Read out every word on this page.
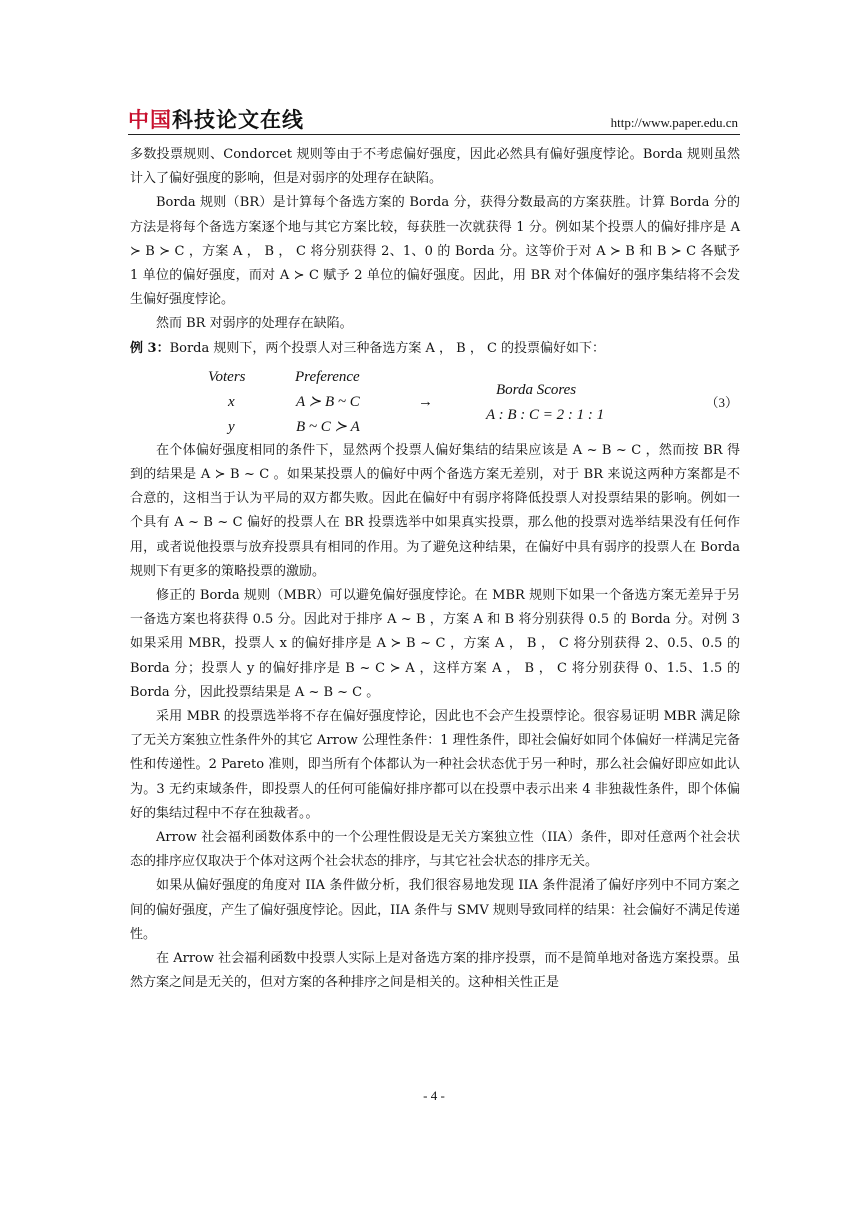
中国科技论文在线	http://www.paper.edu.cn

多数投票规则、Condorcet 规则等由于不考虑偏好强度，因此必然具有偏好强度悖论。Borda 规则虽然计入了偏好强度的影响，但是对弱序的处理存在缺陷。

Borda 规则（BR）是计算每个备选方案的 Borda 分，获得分数最高的方案获胜。计算 Borda 分的方法是将每个备选方案逐个地与其它方案比较，每获胜一次就获得 1 分。例如某个投票人的偏好排序是 A ≻ B ≻ C ，方案 A ， B ， C 将分别获得 2、1、0 的 Borda 分。这等价于对 A ≻ B 和 B ≻ C 各赋予 1 单位的偏好强度，而对 A ≻ C 赋予 2 单位的偏好强度。因此，用 BR 对个体偏好的强序集结将不会发生偏好强度悖论。

然而 BR 对弱序的处理存在缺陷。

例 3：Borda 规则下，两个投票人对三种备选方案 A ， B ， C 的投票偏好如下：

Voters	Preference
x	A ≻ B ~ C
y	B ~ C ≻ A
→
Borda Scores
A : B : C = 2 : 1 : 1
（3）

在个体偏好强度相同的条件下，显然两个投票人偏好集结的结果应该是 A ~ B ~ C ，然而按 BR 得到的结果是 A ≻ B ~ C 。如果某投票人的偏好中两个备选方案无差别，对于 BR 来说这两种方案都是不合意的，这相当于认为平局的双方都失败。因此在偏好中有弱序将降低投票人对投票结果的影响。例如一个具有 A ~ B ~ C 偏好的投票人在 BR 投票选举中如果真实投票，那么他的投票对选举结果没有任何作用，或者说他投票与放弃投票具有相同的作用。为了避免这种结果，在偏好中具有弱序的投票人在 Borda 规则下有更多的策略投票的激励。

修正的 Borda 规则（MBR）可以避免偏好强度悖论。在 MBR 规则下如果一个备选方案无差异于另一备选方案也将获得 0.5 分。因此对于排序 A ~ B ，方案 A 和 B 将分别获得 0.5 的 Borda 分。对例 3 如果采用 MBR，投票人 x 的偏好排序是 A ≻ B ~ C ，方案 A ， B ， C 将分别获得 2、0.5、0.5 的 Borda 分；投票人 y 的偏好排序是 B ~ C ≻ A ，这样方案 A ， B ， C 将分别获得 0、1.5、1.5 的 Borda 分，因此投票结果是 A ~ B ~ C 。

采用 MBR 的投票选举将不存在偏好强度悖论，因此也不会产生投票悖论。很容易证明 MBR 满足除了无关方案独立性条件外的其它 Arrow 公理性条件：1 理性条件，即社会偏好如同个体偏好一样满足完备性和传递性。2 Pareto 准则，即当所有个体都认为一种社会状态优于另一种时，那么社会偏好即应如此认为。3 无约束域条件，即投票人的任何可能偏好排序都可以在投票中表示出来 4 非独裁性条件，即个体偏好的集结过程中不存在独裁者。。

Arrow 社会福利函数体系中的一个公理性假设是无关方案独立性（IIA）条件，即对任意两个社会状态的排序应仅取决于个体对这两个社会状态的排序，与其它社会状态的排序无关。

如果从偏好强度的角度对 IIA 条件做分析，我们很容易地发现 IIA 条件混淆了偏好序列中不同方案之间的偏好强度，产生了偏好强度悖论。因此，IIA 条件与 SMV 规则导致同样的结果：社会偏好不满足传递性。

在 Arrow 社会福利函数中投票人实际上是对备选方案的排序投票，而不是简单地对备选方案投票。虽然方案之间是无关的，但对方案的各种排序之间是相关的。这种相关性正是

- 4 -
